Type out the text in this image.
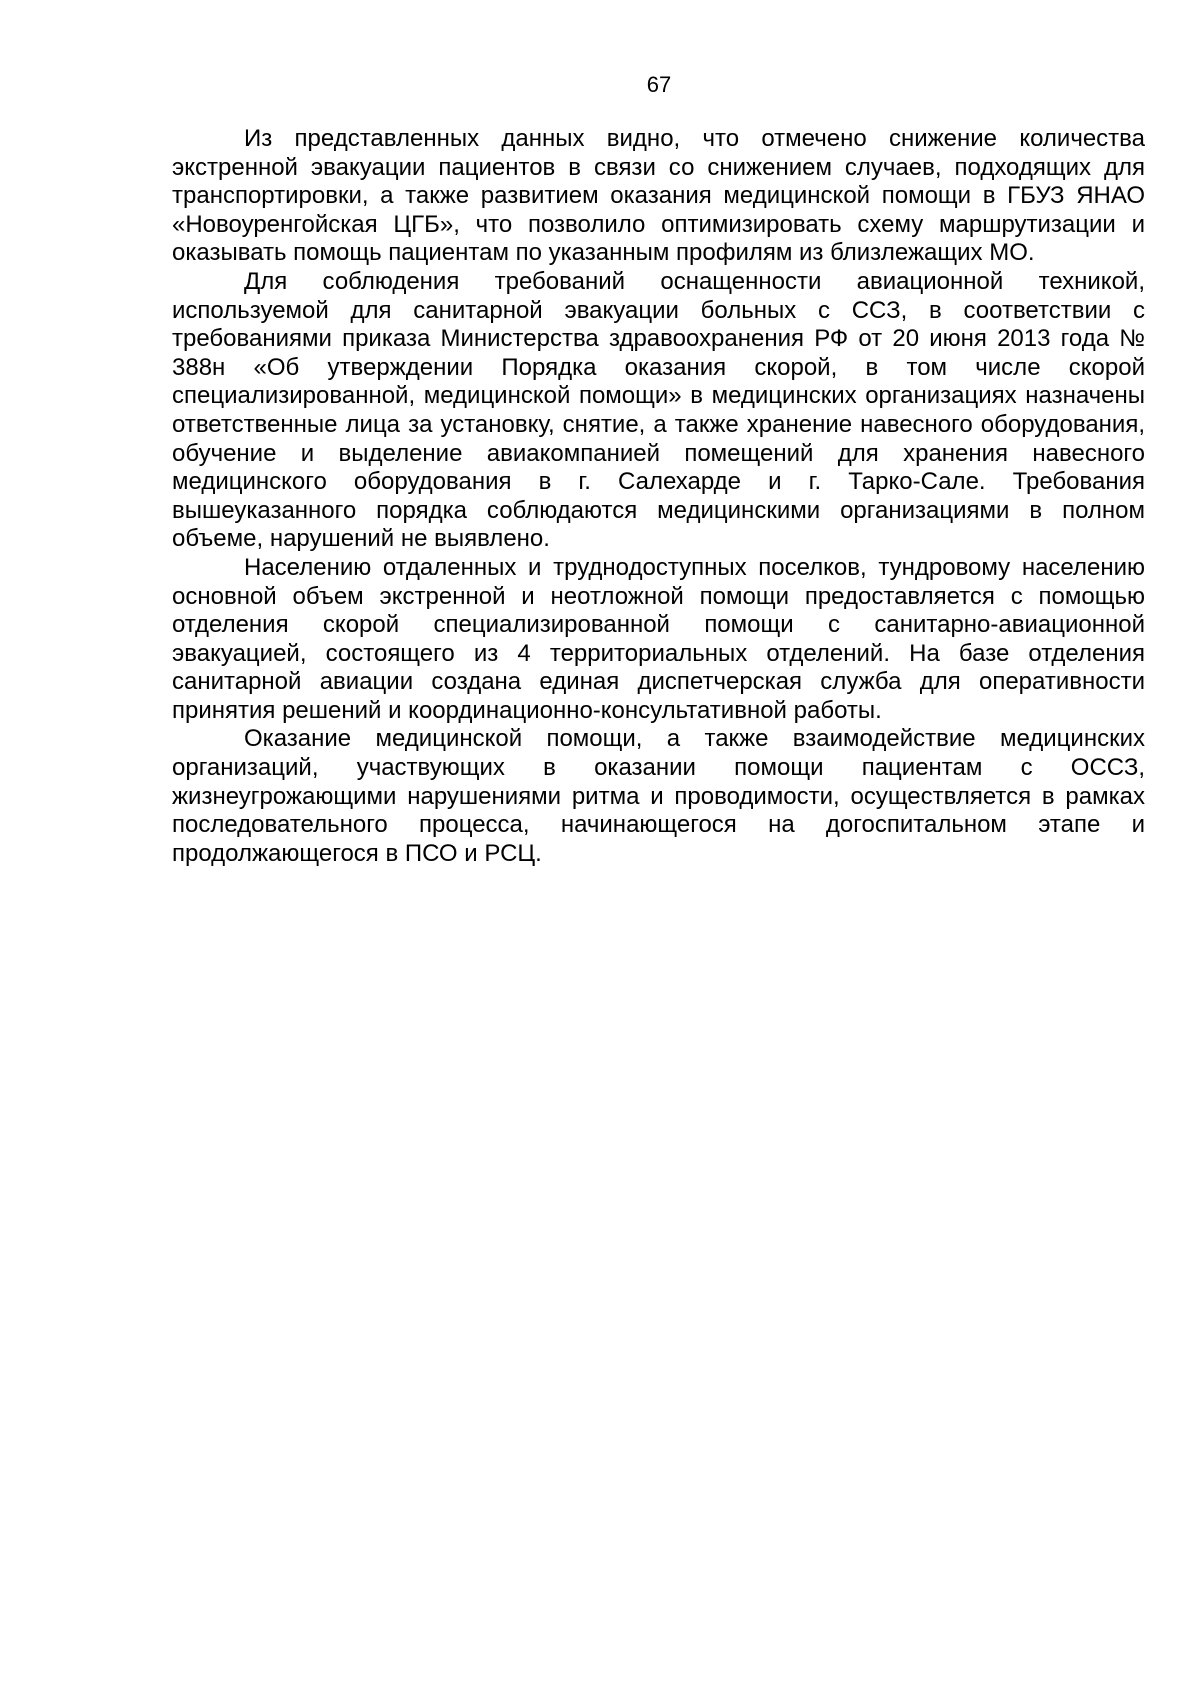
67

Из представленных данных видно, что отмечено снижение количества экстренной эвакуации пациентов в связи со снижением случаев, подходящих для транспортировки, а также развитием оказания медицинской помощи в ГБУЗ ЯНАО «Новоуренгойская ЦГБ», что позволило оптимизировать схему маршрутизации и оказывать помощь пациентам по указанным профилям из близлежащих МО.

Для соблюдения требований оснащенности авиационной техникой, используемой для санитарной эвакуации больных с ССЗ, в соответствии с требованиями приказа Министерства здравоохранения РФ от 20 июня 2013 года № 388н «Об утверждении Порядка оказания скорой, в том числе скорой специализированной, медицинской помощи» в медицинских организациях назначены ответственные лица за установку, снятие, а также хранение навесного оборудования, обучение и выделение авиакомпанией помещений для хранения навесного медицинского оборудования в г. Салехарде и г. Тарко-Сале. Требования вышеуказанного порядка соблюдаются медицинскими организациями в полном объеме, нарушений не выявлено.

Населению отдаленных и труднодоступных поселков, тундровому населению основной объем экстренной и неотложной помощи предоставляется с помощью отделения скорой специализированной помощи с санитарно-авиационной эвакуацией, состоящего из 4 территориальных отделений. На базе отделения санитарной авиации создана единая диспетчерская служба для оперативности принятия решений и координационно-консультативной работы.

Оказание медицинской помощи, а также взаимодействие медицинских организаций, участвующих в оказании помощи пациентам с ОССЗ, жизнеугрожающими нарушениями ритма и проводимости, осуществляется в рамках последовательного процесса, начинающегося на догоспитальном этапе и продолжающегося в ПСО и РСЦ.
